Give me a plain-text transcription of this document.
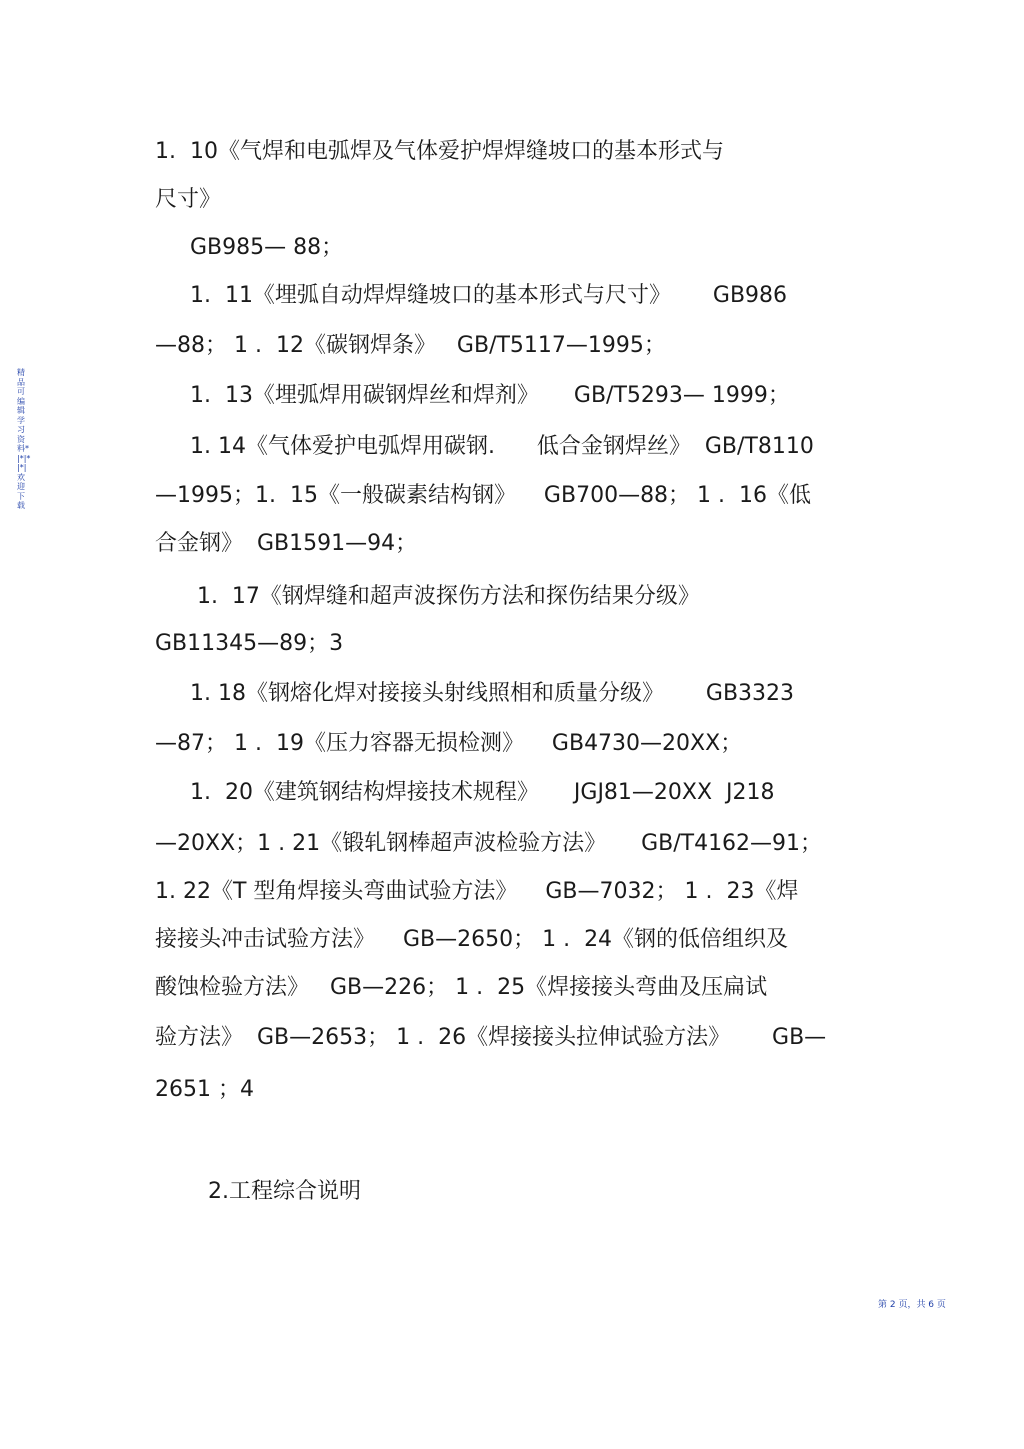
精品可编辑学习资料*|*|*|*|欢迎下载
1.  10《气焊和电弧焊及气体爱护焊焊缝坡口的基本形式与
尺寸》
GB985— 88；
1.  11《埋弧自动焊焊缝坡口的基本形式与尺寸》      GB986
—88； 1 .  12《碳钢焊条》   GB/T5117—1995；
1.  13《埋弧焊用碳钢焊丝和焊剂》     GB/T5293— 1999；
1. 14《气体爱护电弧焊用碳钢.      低合金钢焊丝》  GB/T8110
—1995；1.  15《一般碳素结构钢》    GB700—88； 1 .  16《低
合金钢》  GB1591—94；
1.  17《钢焊缝和超声波探伤方法和探伤结果分级》
GB11345—89；3
1. 18《钢熔化焊对接接头射线照相和质量分级》      GB3323
—87； 1 .  19《压力容器无损检测》    GB4730—20XX；
1.  20《建筑钢结构焊接技术规程》     JGJ81—20XX  J218
—20XX；1 . 21《锻轧钢棒超声波检验方法》     GB/T4162—91；
1. 22《T 型角焊接头弯曲试验方法》    GB—7032； 1 .  23《焊
接接头冲击试验方法》    GB—2650； 1 .  24《钢的低倍组织及
酸蚀检验方法》   GB—226； 1 .  25《焊接接头弯曲及压扁试
验方法》  GB—2653； 1 .  26《焊接接头拉伸试验方法》      GB—
2651 ；4
2.工程综合说明
第 2 页，共 6 页
